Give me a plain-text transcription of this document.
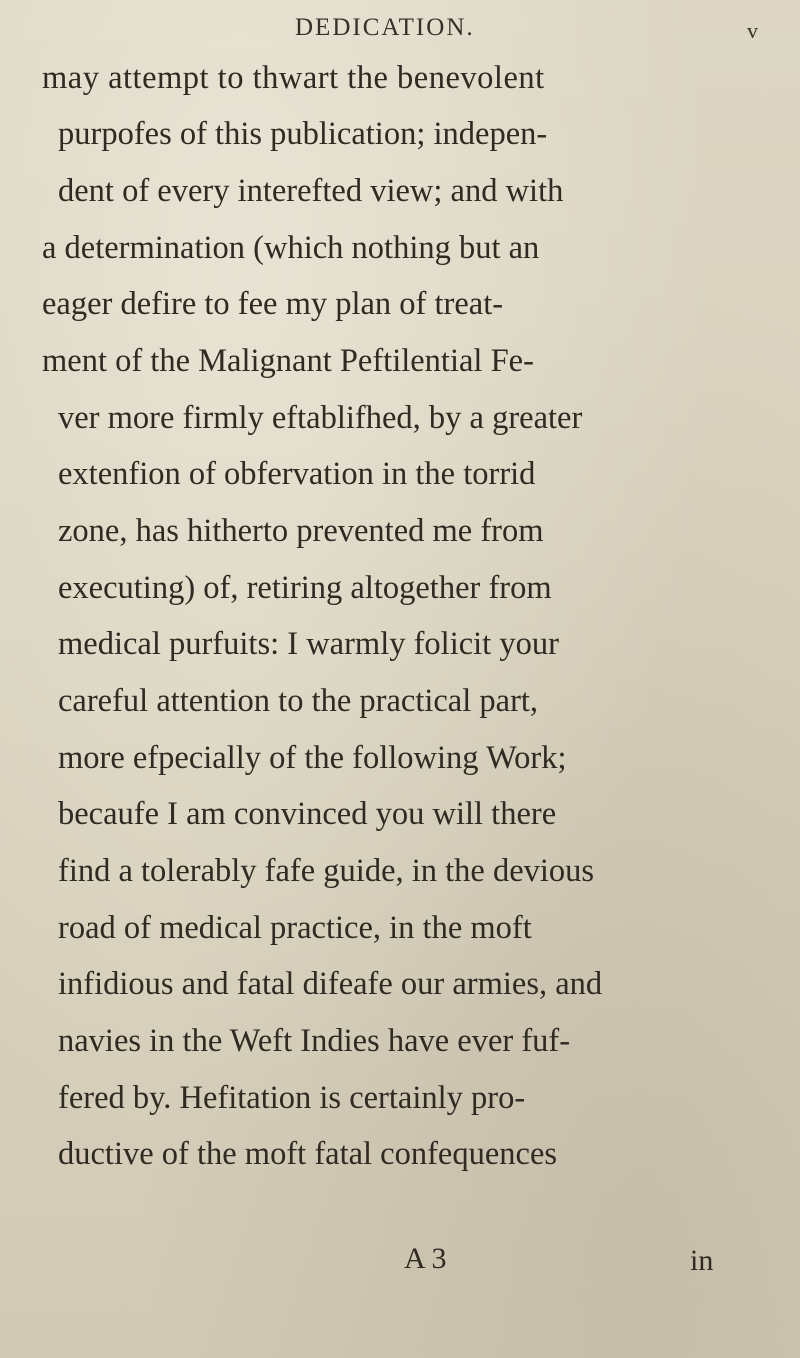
DEDICATION.	v
may attempt to thwart the benevolent
purpofes of this publication; indepen-
dent of every interefted view; and with
a determination (which nothing but an
eager defire to fee my plan of treat-
ment of the Malignant Peftilential Fe-
ver more firmly eftablifhed, by a greater
extenfion of obfervation in the torrid
zone, has hitherto prevented me from
executing) of, retiring altogether from
medical purfuits: I warmly folicit your
careful attention to the practical part,
more efpecially of the following Work;
becaufe I am convinced you will there
find a tolerably fafe guide, in the devious
road of medical practice, in the moft
infidious and fatal difeafe our armies, and
navies in the Weft Indies have ever fuf-
fered by. Hefitation is certainly pro-
ductive of the moft fatal confequences
A 3	in
